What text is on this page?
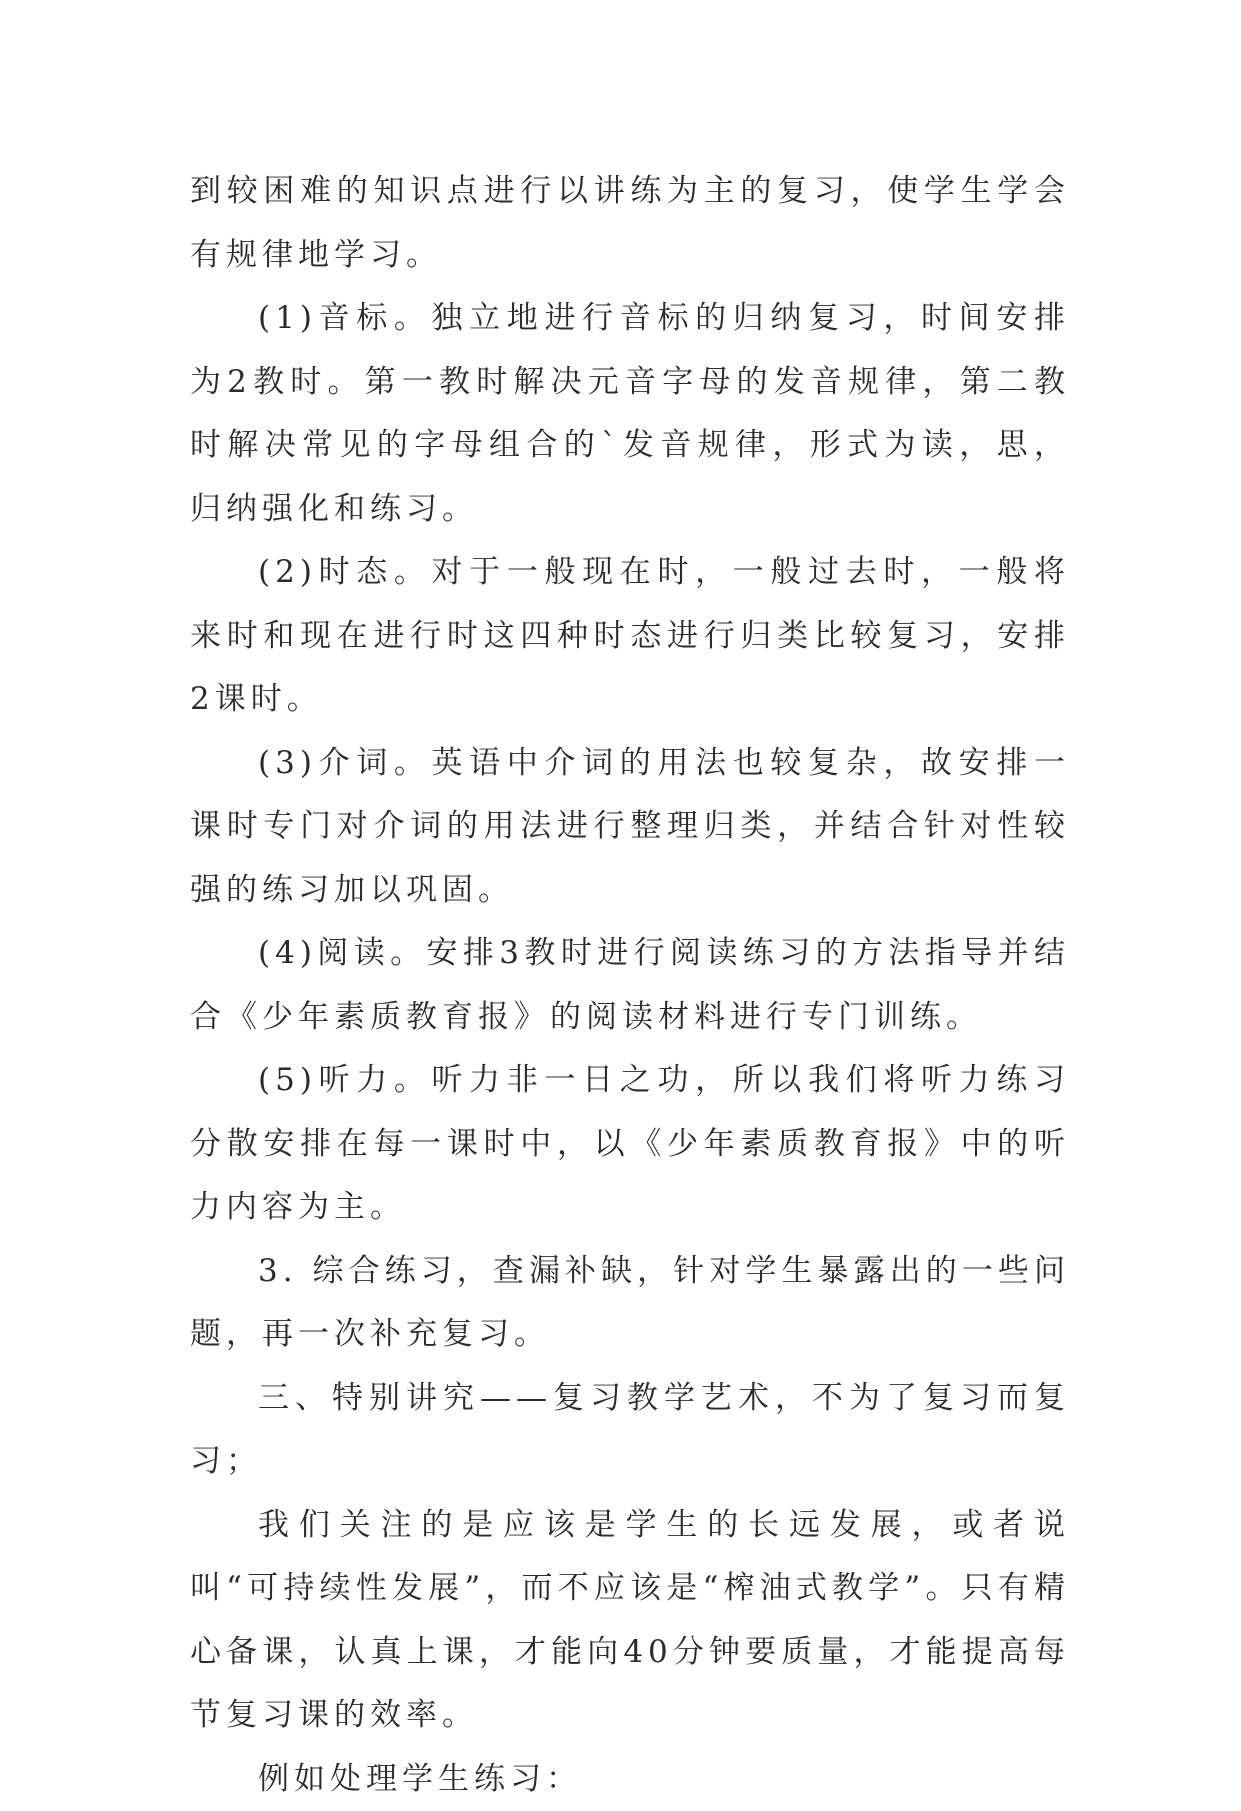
到较困难的知识点进行以讲练为主的复习，使学生学会有规律地学习。

(1)音标。独立地进行音标的归纳复习，时间安排为2教时。第一教时解决元音字母的发音规律，第二教时解决常见的字母组合的`发音规律，形式为读，思，归纳强化和练习。

(2)时态。对于一般现在时，一般过去时，一般将来时和现在进行时这四种时态进行归类比较复习，安排2课时。

(3)介词。英语中介词的用法也较复杂，故安排一课时专门对介词的用法进行整理归类，并结合针对性较强的练习加以巩固。

(4)阅读。安排3教时进行阅读练习的方法指导并结合《少年素质教育报》的阅读材料进行专门训练。

(5)听力。听力非一日之功，所以我们将听力练习分散安排在每一课时中，以《少年素质教育报》中的听力内容为主。

3. 综合练习，查漏补缺，针对学生暴露出的一些问题，再一次补充复习。

三、特别讲究——复习教学艺术，不为了复习而复习；

我们关注的是应该是学生的长远发展，或者说叫“可持续性发展”，而不应该是“榨油式教学”。只有精心备课，认真上课，才能向40分钟要质量，才能提高每节复习课的效率。

例如处理学生练习：
